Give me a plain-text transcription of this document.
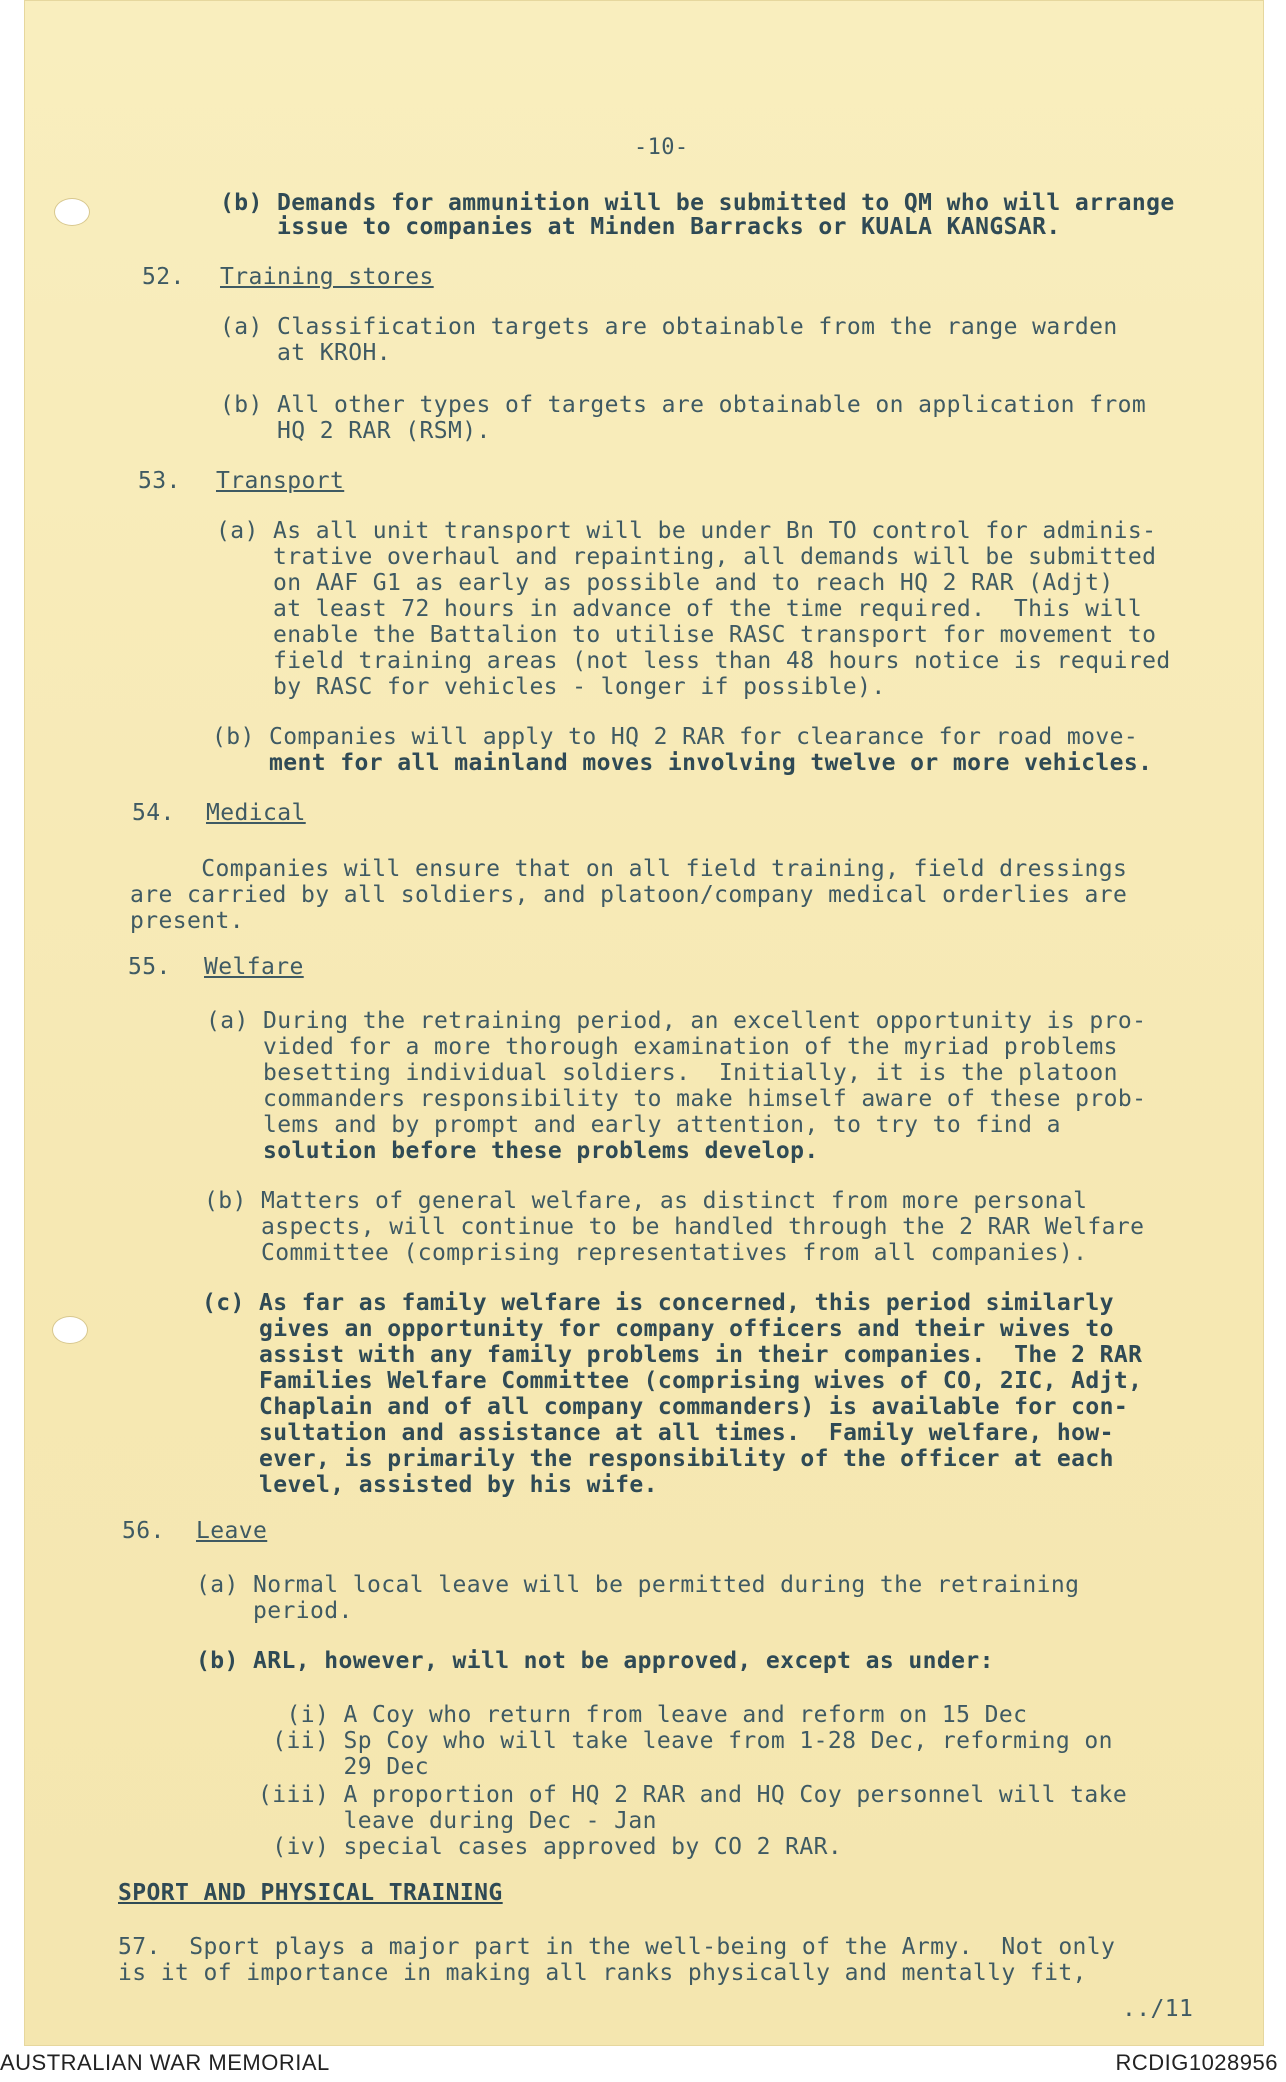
-10-
(b) Demands for ammunition will be submitted to QM who will arrange
issue to companies at Minden Barracks or KUALA KANGSAR.
52. Training stores
(a) Classification targets are obtainable from the range warden
at KROH.
(b) All other types of targets are obtainable on application from
HQ 2 RAR (RSM).
53. Transport
(a) As all unit transport will be under Bn TO control for adminis-
trative overhaul and repainting, all demands will be submitted
on AAF G1 as early as possible and to reach HQ 2 RAR (Adjt)
at least 72 hours in advance of the time required.  This will
enable the Battalion to utilise RASC transport for movement to
field training areas (not less than 48 hours notice is required
by RASC for vehicles - longer if possible).
(b) Companies will apply to HQ 2 RAR for clearance for road move-
ment for all mainland moves involving twelve or more vehicles.
54. Medical
Companies will ensure that on all field training, field dressings
are carried by all soldiers, and platoon/company medical orderlies are
present.
55. Welfare
(a) During the retraining period, an excellent opportunity is pro-
vided for a more thorough examination of the myriad problems
besetting individual soldiers.  Initially, it is the platoon
commanders responsibility to make himself aware of these prob-
lems and by prompt and early attention, to try to find a
solution before these problems develop.
(b) Matters of general welfare, as distinct from more personal
aspects, will continue to be handled through the 2 RAR Welfare
Committee (comprising representatives from all companies).
(c) As far as family welfare is concerned, this period similarly
gives an opportunity for company officers and their wives to
assist with any family problems in their companies.  The 2 RAR
Families Welfare Committee (comprising wives of CO, 2IC, Adjt,
Chaplain and of all company commanders) is available for con-
sultation and assistance at all times.  Family welfare, how-
ever, is primarily the responsibility of the officer at each
level, assisted by his wife.
56. Leave
(a) Normal local leave will be permitted during the retraining
period.
(b) ARL, however, will not be approved, except as under:
(i) A Coy who return from leave and reform on 15 Dec
(ii) Sp Coy who will take leave from 1-28 Dec, reforming on
29 Dec
(iii) A proportion of HQ 2 RAR and HQ Coy personnel will take
leave during Dec - Jan
(iv) special cases approved by CO 2 RAR.
SPORT AND PHYSICAL TRAINING
57.  Sport plays a major part in the well-being of the Army.  Not only
is it of importance in making all ranks physically and mentally fit,
../11
AUSTRALIAN WAR MEMORIAL	RCDIG1028956
